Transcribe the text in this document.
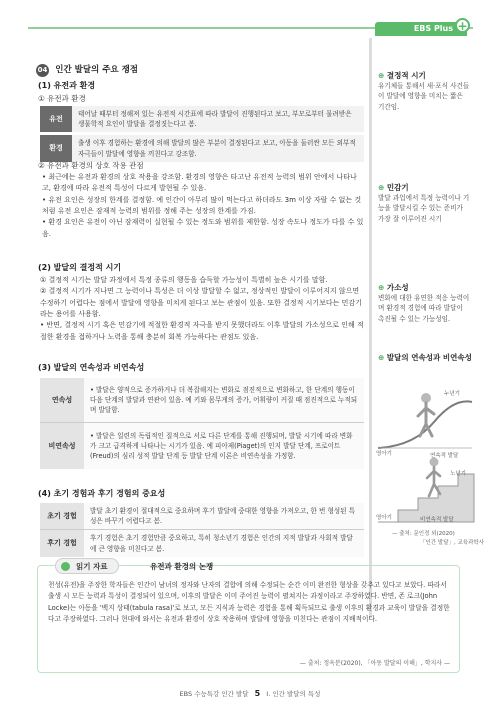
EBS Plus +
04 인간 발달의 주요 쟁점
(1) 유전과 환경
① 유전과 환경
유전	태어날 때부터 정해져 있는 유전적 시간표에 따라 발달이 진행된다고 보고, 부모로부터 물려받은 생물학적 요인이 발달을 결정짓는다고 봄.

환경	출생 이후 경험하는 환경에 의해 발달의 많은 부분이 결정된다고 보고, 아동을 둘러싼 모든 외부적 자극들이 발달에 영향을 끼친다고 강조함.
② 유전과 환경의 상호 작용 관점
• 최근에는 유전과 환경의 상호 작용을 강조함. 환경의 영향은 타고난 유전적 능력의 범위 안에서 나타나고, 환경에 따라 유전적 특성이 다르게 발현될 수 있음.
• 유전 요인은 성장의 한계를 결정함. 예 인간이 아무리 많이 먹는다고 하더라도 3m 이상 자랄 수 없는 것처럼 유전 요인은 잠재적 능력의 범위를 정해 주는 성장의 한계를 가짐.
• 환경 요인은 유전이 아닌 잠재력이 실현될 수 있는 정도와 범위를 제한함. 성장 속도나 정도가 다를 수 있음.
(2) 발달의 결정적 시기
① 결정적 시기는 발달 과정에서 특정 종류의 행동을 습득할 가능성이 특별히 높은 시기를 말함.
② 결정적 시기가 지나면 그 능력이나 특성은 더 이상 발달할 수 없고, 정상적인 발달이 이루어지지 않으면 수정하기 어렵다는 점에서 발달에 영향을 미치게 된다고 보는 관점이 있음. 또한 결정적 시기보다는 민감기라는 용어를 사용함.
• 반면, 결정적 시기 혹은 민감기에 적절한 환경적 자극을 받지 못했더라도 이후 발달의 가소성으로 인해 적절한 환경을 접하거나 노력을 통해 충분히 회복 가능하다는 관점도 있음.
(3) 발달의 연속성과 비연속성
연속성	• 발달은 양적으로 증가하거나 더 복잡해지는 변화로 점진적으로 변화하고, 한 단계의 행동이 다음 단계의 발달과 연관이 있음. 예 키와 몸무게의 증가, 어휘량이 커질 때 점진적으로 누적되며 발달함.

비연속성	• 발달은 일련의 독립적인 질적으로 서로 다른 단계를 통해 진행되며, 발달 시기에 따라 변화가 크고 급격하게 나타나는 시기가 있음. 예 피아제(Piaget)의 인지 발달 단계, 프로이트(Freud)의 심리 성적 발달 단계 등 발달 단계 이론은 비연속성을 가정함.
(4) 초기 경험과 후기 경험의 중요성
초기 경험	발달 초기 환경이 절대적으로 중요하며 후기 발달에 중대한 영향을 가져오고, 한 번 형성된 특성은 바꾸기 어렵다고 봄.

후기 경험	후기 경험은 초기 경험만큼 중요하고, 특히 청소년기 경험은 인간의 지적 발달과 사회적 발달에 큰 영향을 미친다고 봄.
⊕ 결정적 시기
유기체들 통해서 새·포식 사건들이 발달에 영향을 미치는 짧은 기간임.
⊕ 민감기
발달 과업에서 특정 능력이나 기능을 발달시킬 수 있는 준비가 가장 잘 이루어진 시기
⊕ 가소성
변화에 대한 유연한 적응 능력이며 환경적 경험에 따라 발달이 촉진될 수 있는 가능성임.
⊕ 발달의 연속성과 비연속성
누년기
영아기	연속적 발달
노년기
영아기	비연속적 발달
— 출처: 문인정 외(2020)
「인간 발달」, 교육과학사
읽기 자료	유전과 환경의 논쟁
천성(유전)을 주장한 학자들은 인간이 남녀의 정자와 난자의 결합에 의해 수정되는 순간 이미 완전한 형상을 갖추고 있다고 보았다. 따라서 출생 시 모든 능력과 특성이 결정되어 있으며, 이후의 발달은 이미 주어진 능력이 펼쳐지는 과정이라고 주장하였다. 반면, 존 로크(John Locke)는 아동을 '백지 상태(tabula rasa)'로 보고, 모든 지식과 능력은 경험을 통해 획득되므로 출생 이후의 환경과 교육이 발달을 결정한다고 주장하였다. 그러나 현대에 와서는 유전과 환경이 상호 작용하며 발달에 영향을 미친다는 관점이 지배적이다.
— 출처: 정옥분(2020), 「아동 발달의 이해」, 학지사 —
EBS 수능특강 인간 발달 5 I. 인간 발달의 특성
